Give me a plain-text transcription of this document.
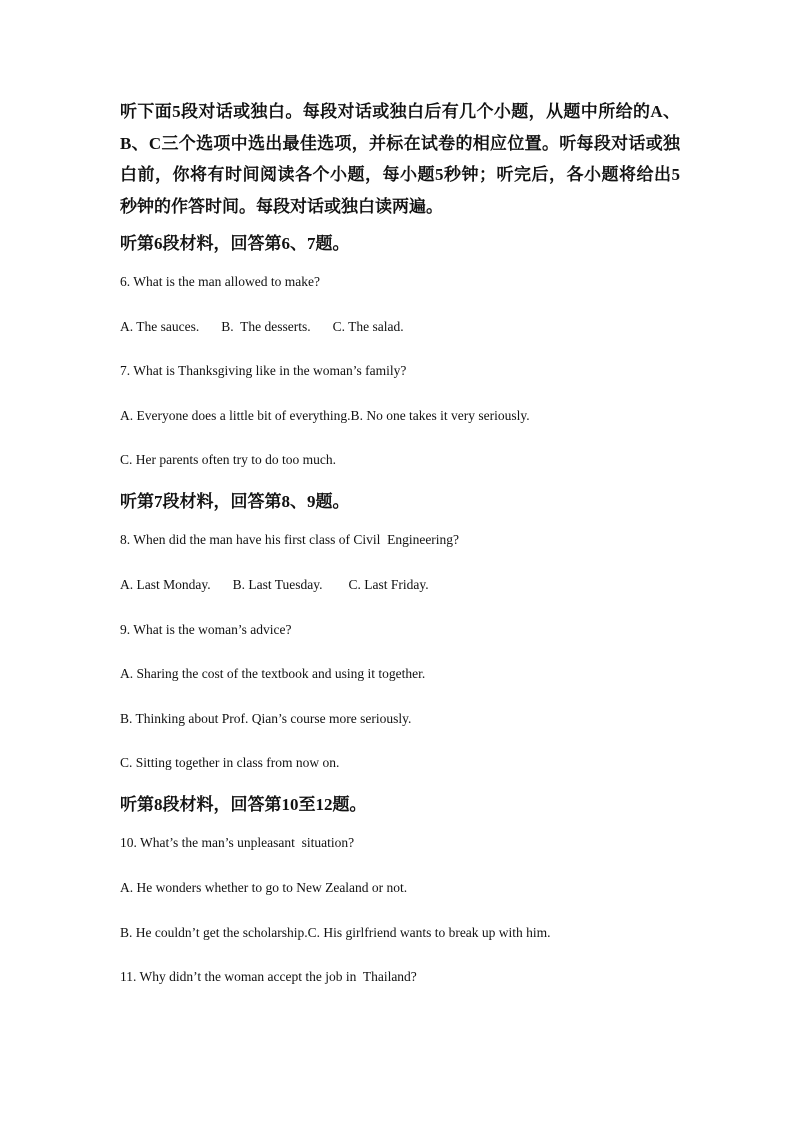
听下面5段对话或独白。每段对话或独白后有几个小题，从题中所给的A、B、C三个选项中选出最佳选项，并标在试卷的相应位置。听每段对话或独白前，你将有时间阅读各个小题，每小题5秒钟；听完后，各小题将给出5秒钟的作答时间。每段对话或独白读两遍。

听第6段材料，回答第6、7题。

6. What is the man allowed to make?

A. The sauces. B.  The desserts. C. The salad.

7. What is Thanksgiving like in the woman’s family?

A. Everyone does a little bit of everything.B. No one takes it very seriously.

C. Her parents often try to do too much.

听第7段材料，回答第8、9题。

8. When did the man have his first class of Civil  Engineering?

A. Last Monday. B. Last Tuesday. C. Last Friday.

9. What is the woman’s advice?

A. Sharing the cost of the textbook and using it together.

B. Thinking about Prof. Qian’s course more seriously.

C. Sitting together in class from now on.

听第8段材料，回答第10至12题。

10. What’s the man’s unpleasant  situation?

A. He wonders whether to go to New Zealand or not.

B. He couldn’t get the scholarship.C. His girlfriend wants to break up with him.

11. Why didn’t the woman accept the job in  Thailand?
